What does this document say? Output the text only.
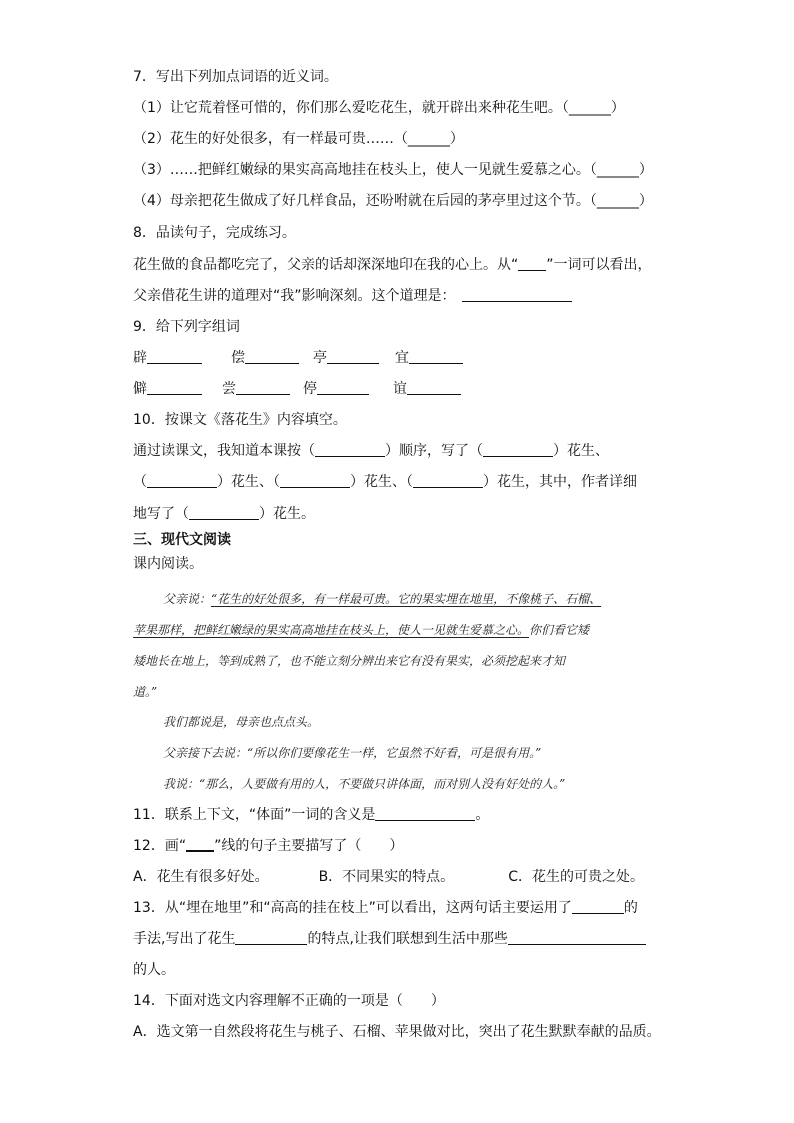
7．写出下列加点词语的近义词。
（1）让它荒着怪可惜的，你们那么爱吃花生，就开辟出来种花生吧。（______）
（2）花生的好处很多，有一样最可贵……（______）
（3）……把鲜红嫩绿的果实高高地挂在枝头上，使人一见就生爱慕之心。（______）
（4）母亲把花生做成了好几样食品，还吩咐就在后园的茅亭里过这个节。（______）
8．品读句子，完成练习。
花生做的食品都吃完了，父亲的话却深深地印在我的心上。从“ ”一词可以看出，
父亲借花生讲的道理对“我”影响深刻。这个道理是：
9．给下列字组词
辟	偿	亭	宜
僻	尝	停	谊
10．按课文《落花生》内容填空。
通过读课文，我知道本课按（	）顺序，写了（	）花生、
（	）花生、（	）花生、（	）花生，其中，作者详细
地写了（	）花生。
三、现代文阅读
课内阅读。
父亲说：“花生的好处很多，有一样最可贵。它的果实埋在地里，不像桃子、石榴、
苹果那样，把鲜红嫩绿的果实高高地挂在枝头上，使人一见就生爱慕之心。你们看它矮
矮地长在地上，等到成熟了，也不能立刻分辨出来它有没有果实，必须挖起来才知
道。”
我们都说是，母亲也点点头。
父亲接下去说：“所以你们要像花生一样，它虽然不好看，可是很有用。”
我说：“那么，人要做有用的人，不要做只讲体面，而对别人没有好处的人。”
11．联系上下文，“体面”一词的含义是	。
12．画“ ”线的句子主要描写了（　　）
A．花生有很多好处。	B．不同果实的特点。	C．花生的可贵之处。
13．从“埋在地里”和“高高的挂在枝上”可以看出，这两句话主要运用了	的
手法,写出了花生	的特点,让我们联想到生活中那些
的人。
14．下面对选文内容理解不正确的一项是（　　）
A．选文第一自然段将花生与桃子、石榴、苹果做对比，突出了花生默默奉献的品质。
